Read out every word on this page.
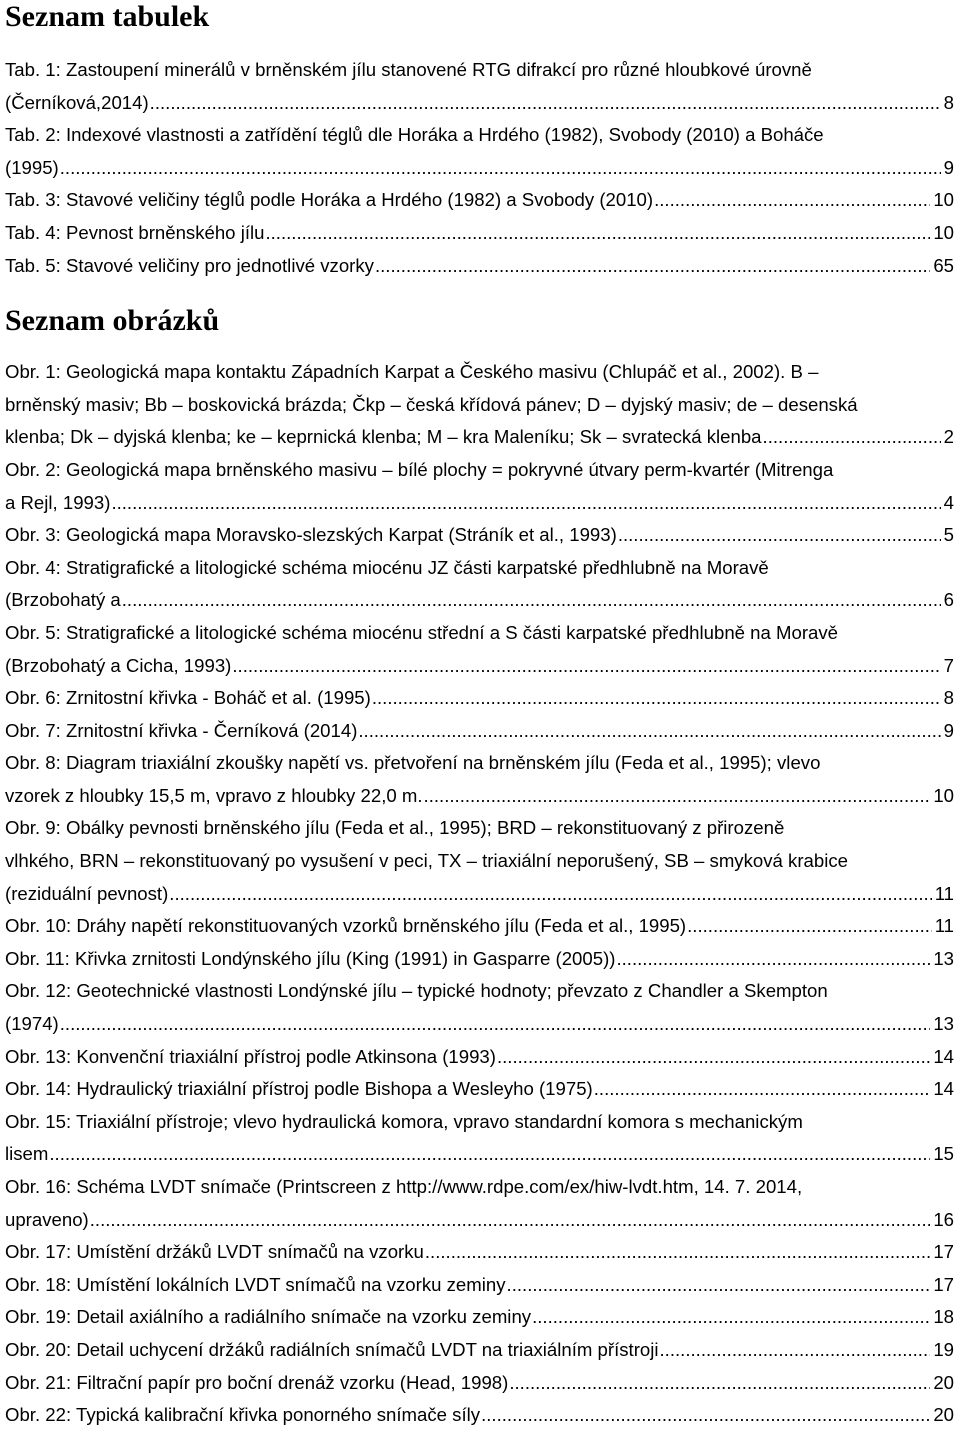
Seznam tabulek
Tab. 1: Zastoupení minerálů v brněnském jílu stanovené RTG difrakcí pro různé hloubkové úrovně
(Černíková,2014) .....	8
Tab. 2: Indexové vlastnosti a zatřídění téglů dle Horáka a Hrdého (1982), Svobody (2010) a Boháče
(1995) .....	9
Tab. 3: Stavové veličiny téglů podle Horáka a Hrdého (1982) a Svobody (2010) .....	10
Tab. 4: Pevnost brněnského jílu .....	10
Tab. 5: Stavové veličiny pro jednotlivé vzorky .....	65
Seznam obrázků
Obr. 1: Geologická mapa kontaktu Západních Karpat a Českého masivu (Chlupáč et al., 2002). B –
brněnský masiv; Bb – boskovická brázda; Čkp – česká křídová pánev; D – dyjský masiv; de – desenská
klenba; Dk – dyjská klenba; ke – keprnická klenba; M – kra Maleníku; Sk – svratecká klenba .....	2
Obr. 2: Geologická mapa brněnského masivu – bílé plochy = pokryvné útvary perm-kvartér (Mitrenga
a Rejl, 1993) .....	4
Obr. 3: Geologická mapa Moravsko-slezských Karpat (Stráník et al., 1993) .....	5
Obr. 4: Stratigrafické a litologické schéma miocénu JZ části karpatské předhlubně na Moravě
(Brzobohatý a .....	6
Obr. 5: Stratigrafické a litologické schéma miocénu střední a S části karpatské předhlubně na Moravě
(Brzobohatý a Cicha, 1993) .....	7
Obr. 6: Zrnitostní křivka - Boháč et al. (1995) .....	8
Obr. 7: Zrnitostní křivka - Černíková (2014) .....	9
Obr. 8: Diagram triaxiální zkoušky napětí vs. přetvoření na brněnském jílu (Feda et al., 1995); vlevo
vzorek z hloubky 15,5 m, vpravo z hloubky 22,0 m. .....	10
Obr. 9: Obálky pevnosti brněnského jílu (Feda et al., 1995); BRD – rekonstituovaný z přirozeně
vlhkého, BRN – rekonstituovaný po vysušení v peci, TX – triaxiální neporušený, SB – smyková krabice
(reziduální pevnost) .....	11
Obr. 10: Dráhy napětí rekonstituovaných vzorků brněnského jílu (Feda et al., 1995) .....	11
Obr. 11: Křivka zrnitosti Londýnského jílu (King (1991) in Gasparre (2005)) .....	13
Obr. 12: Geotechnické vlastnosti Londýnské jílu – typické hodnoty; převzato z Chandler a Skempton
(1974) .....	13
Obr. 13: Konvenční triaxiální přístroj podle Atkinsona (1993) .....	14
Obr. 14: Hydraulický triaxiální přístroj podle Bishopa a Wesleyho (1975) .....	14
Obr. 15: Triaxiální přístroje; vlevo hydraulická komora, vpravo standardní komora s mechanickým
lisem .....	15
Obr. 16: Schéma LVDT snímače (Printscreen z http://www.rdpe.com/ex/hiw-lvdt.htm, 14. 7. 2014,
upraveno) .....	16
Obr. 17: Umístění držáků LVDT snímačů na vzorku .....	17
Obr. 18: Umístění lokálních LVDT snímačů na vzorku zeminy .....	17
Obr. 19: Detail axiálního a radiálního snímače na vzorku zeminy .....	18
Obr. 20: Detail uchycení držáků radiálních snímačů LVDT na triaxiálním přístroji .....	19
Obr. 21: Filtrační papír pro boční drenáž vzorku (Head, 1998) .....	20
Obr. 22: Typická kalibrační křivka ponorného snímače síly .....	20
